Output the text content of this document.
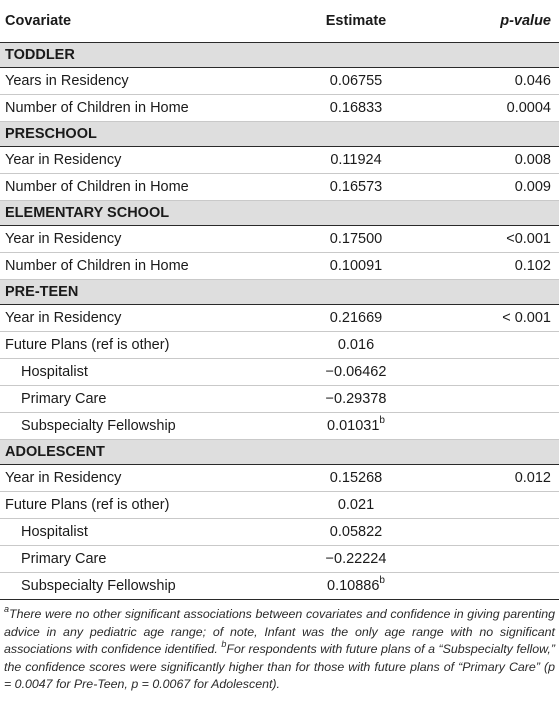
Covariate	Estimate	p-value
TODDLER		
Years in Residency	0.06755	0.046
Number of Children in Home	0.16833	0.0004
PRESCHOOL		
Year in Residency	0.11924	0.008
Number of Children in Home	0.16573	0.009
ELEMENTARY SCHOOL		
Year in Residency	0.17500	<0.001
Number of Children in Home	0.10091	0.102
PRE-TEEN		
Year in Residency	0.21669	< 0.001
Future Plans (ref is other)	0.016	
Hospitalist	−0.06462	
Primary Care	−0.29378	
Subspecialty Fellowship	0.01031$^b$	
ADOLESCENT		
Year in Residency	0.15268	0.012
Future Plans (ref is other)	0.021	
Hospitalist	0.05822	
Primary Care	−0.22224	
Subspecialty Fellowship	0.10886$^b$	
$^a$There were no other significant associations between covariates and confidence in giving parenting advice in any pediatric age range; of note, Infant was the only age range with no significant associations with confidence identified. $^b$For respondents with future plans of a “Subspecialty fellow,” the confidence scores were significantly higher than for those with future plans of “Primary Care” (p = 0.0047 for Pre-Teen, p = 0.0067 for Adolescent).
